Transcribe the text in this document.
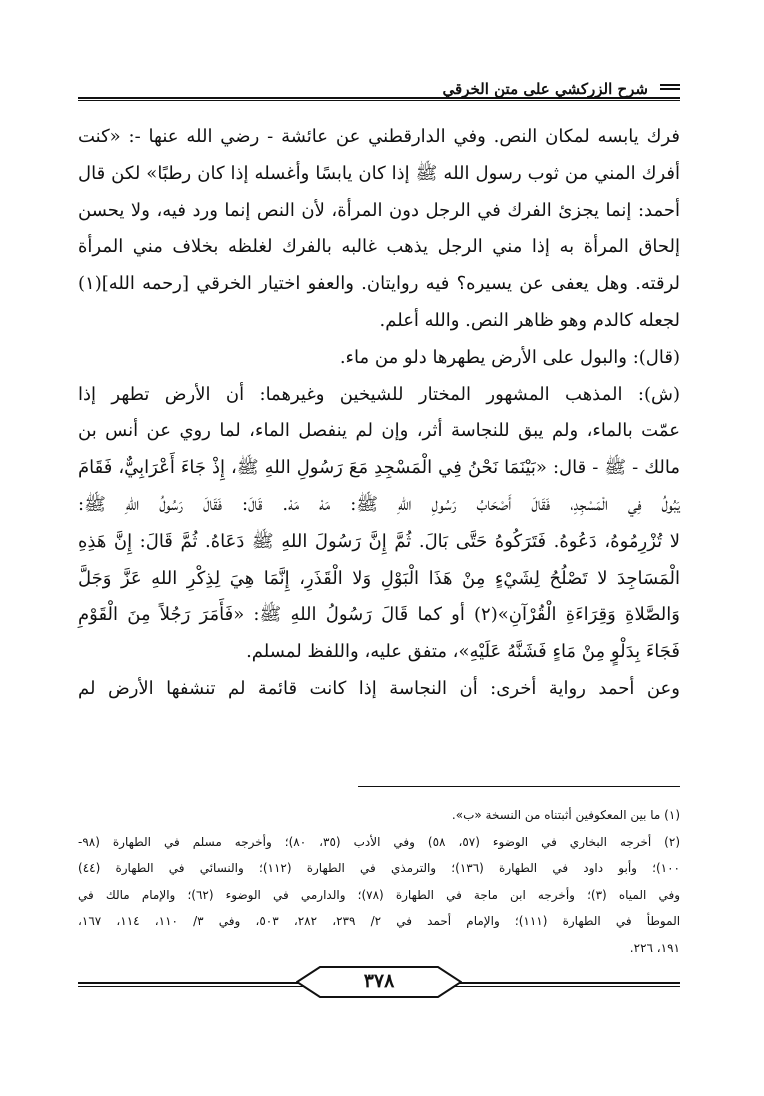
شرح الزركشي على متن الخرقي
فرك يابسه لمكان النص. وفي الدارقطني عن عائشة - رضي الله عنها -: «كنت
أفرك المني من ثوب رسول الله ﷺ إذا كان يابسًا وأغسله إذا كان رطبًا» لكن قال
أحمد: إنما يجزئ الفرك في الرجل دون المرأة، لأن النص إنما ورد فيه، ولا يحسن
إلحاق المرأة به إذا مني الرجل يذهب غالبه بالفرك لغلظه بخلاف مني المرأة
لرقته. وهل يعفى عن يسيره؟ فيه روايتان. والعفو اختيار الخرقي [رحمه الله](١)
لجعله كالدم وهو ظاهر النص. والله أعلم.
(قال): والبول على الأرض يطهرها دلو من ماء.
(ش): المذهب المشهور المختار للشيخين وغيرهما: أن الأرض تطهر إذا
عمّت بالماء، ولم يبق للنجاسة أثر، وإن لم ينفصل الماء، لما روي عن أنس بن
مالك - ﷺ - قال: «بَيْنَمَا نَحْنُ فِي الْمَسْجِدِ مَعَ رَسُولِ اللهِ ﷺ، إِذْ جَاءَ أَعْرَابِيٌّ، فَقَامَ
يَبُولُ فِي الْمَسْجِدِ، فَقَالَ أَصْحَابُ رَسُولِ اللهِ ﷺ: مَهْ مَهْ. قَالَ: فَقَالَ رَسُولُ اللهِ ﷺ:
لا تُزْرِمُوهُ، دَعُوهُ. فَتَرَكُوهُ حَتَّى بَالَ. ثُمَّ إِنَّ رَسُولَ اللهِ ﷺ دَعَاهُ. ثُمَّ قَالَ: إِنَّ هَذِهِ
الْمَسَاجِدَ لا تَصْلُحُ لِشَيْءٍ مِنْ هَذَا الْبَوْلِ وَلا الْقَذَرِ، إِنَّمَا هِيَ لِذِكْرِ اللهِ عَزَّ وَجَلَّ
وَالصَّلاةِ وَقِرَاءَةِ الْقُرْآنِ»(٢) أو كما قَالَ رَسُولُ اللهِ ﷺ: «فَأَمَرَ رَجُلاً مِنَ الْقَوْمِ
فَجَاءَ بِدَلْوٍ مِنْ مَاءٍ فَشَنَّهُ عَلَيْهِ»، متفق عليه، واللفظ لمسلم.
وعن أحمد رواية أخرى: أن النجاسة إذا كانت قائمة لم تنشفها الأرض لم
(١) ما بين المعكوفين أثبتناه من النسخة «ب».
(٢) أخرجه البخاري في الوضوء (٥٧، ٥٨) وفي الأدب (٣٥، ٨٠)؛ وأخرجه مسلم في الطهارة (٩٨-
١٠٠)؛ وأبو داود في الطهارة (١٣٦)؛ والترمذي في الطهارة (١١٢)؛ والنسائي في الطهارة (٤٤)
وفي المياه (٣)؛ وأخرجه ابن ماجة في الطهارة (٧٨)؛ والدارمي في الوضوء (٦٢)؛ والإمام مالك في
الموطأ في الطهارة (١١١)؛ والإمام أحمد في ٢/ ٢٣٩، ٢٨٢، ٥٠٣، وفي ٣/ ١١٠، ١١٤، ١٦٧،
١٩١، ٢٢٦.
٣٧٨
